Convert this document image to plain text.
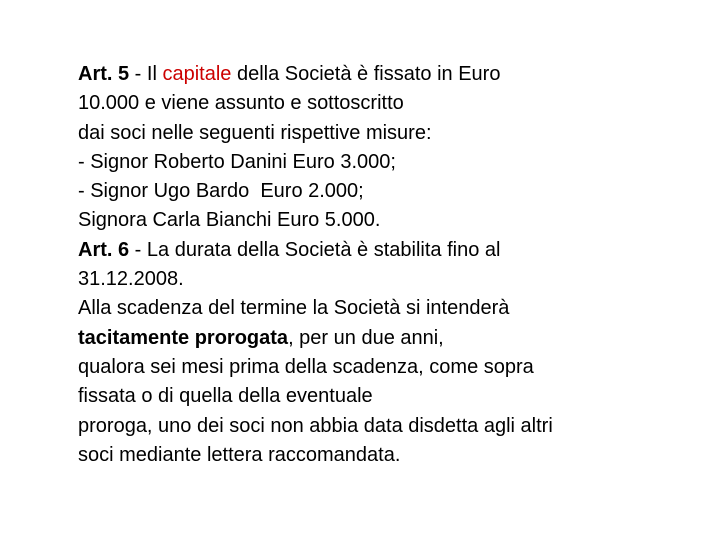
Art. 5 - Il capitale della Società è fissato in Euro
10.000 e viene assunto e sottoscritto
dai soci nelle seguenti rispettive misure:
- Signor Roberto Danini Euro 3.000;
- Signor Ugo Bardo  Euro 2.000;
Signora Carla Bianchi Euro 5.000.
Art. 6 - La durata della Società è stabilita fino al
31.12.2008.
Alla scadenza del termine la Società si intenderà
tacitamente prorogata, per un due anni,
qualora sei mesi prima della scadenza, come sopra
fissata o di quella della eventuale
proroga, uno dei soci non abbia data disdetta agli altri
soci mediante lettera raccomandata.
